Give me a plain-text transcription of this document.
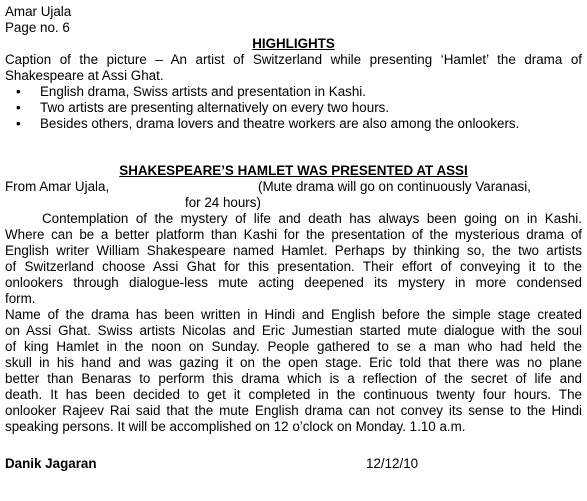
Amar Ujala
Page no. 6
HIGHLIGHTS
Caption of the picture – An artist of Switzerland while presenting ‘Hamlet’ the drama of
Shakespeare at Assi Ghat.
• English drama, Swiss artists and presentation in Kashi.
• Two artists are presenting alternatively on every two hours.
• Besides others, drama lovers and theatre workers are also among the onlookers.
SHAKESPEARE’S HAMLET WAS PRESENTED AT ASSI
From Amar Ujala,	(Mute drama will go on continuously Varanasi,
for 24 hours)
Contemplation of the mystery of life and death has always been going on in Kashi.
Where can be a better platform than Kashi for the presentation of the mysterious drama of
English writer William Shakespeare named Hamlet. Perhaps by thinking so, the two artists
of Switzerland choose Assi Ghat for this presentation. Their effort of conveying it to the
onlookers through dialogue-less mute acting deepened its mystery in more condensed
form.
Name of the drama has been written in Hindi and English before the simple stage created
on Assi Ghat. Swiss artists Nicolas and Eric Jumestian started mute dialogue with the soul
of king Hamlet in the noon on Sunday. People gathered to se a man who had held the
skull in his hand and was gazing it on the open stage. Eric told that there was no plane
better than Benaras to perform this drama which is a reflection of the secret of life and
death. It has been decided to get it completed in the continuous twenty four hours. The
onlooker Rajeev Rai said that the mute English drama can not convey its sense to the Hindi
speaking persons. It will be accomplished on 12 o’clock on Monday. 1.10 a.m.
Danik Jagaran	12/12/10
